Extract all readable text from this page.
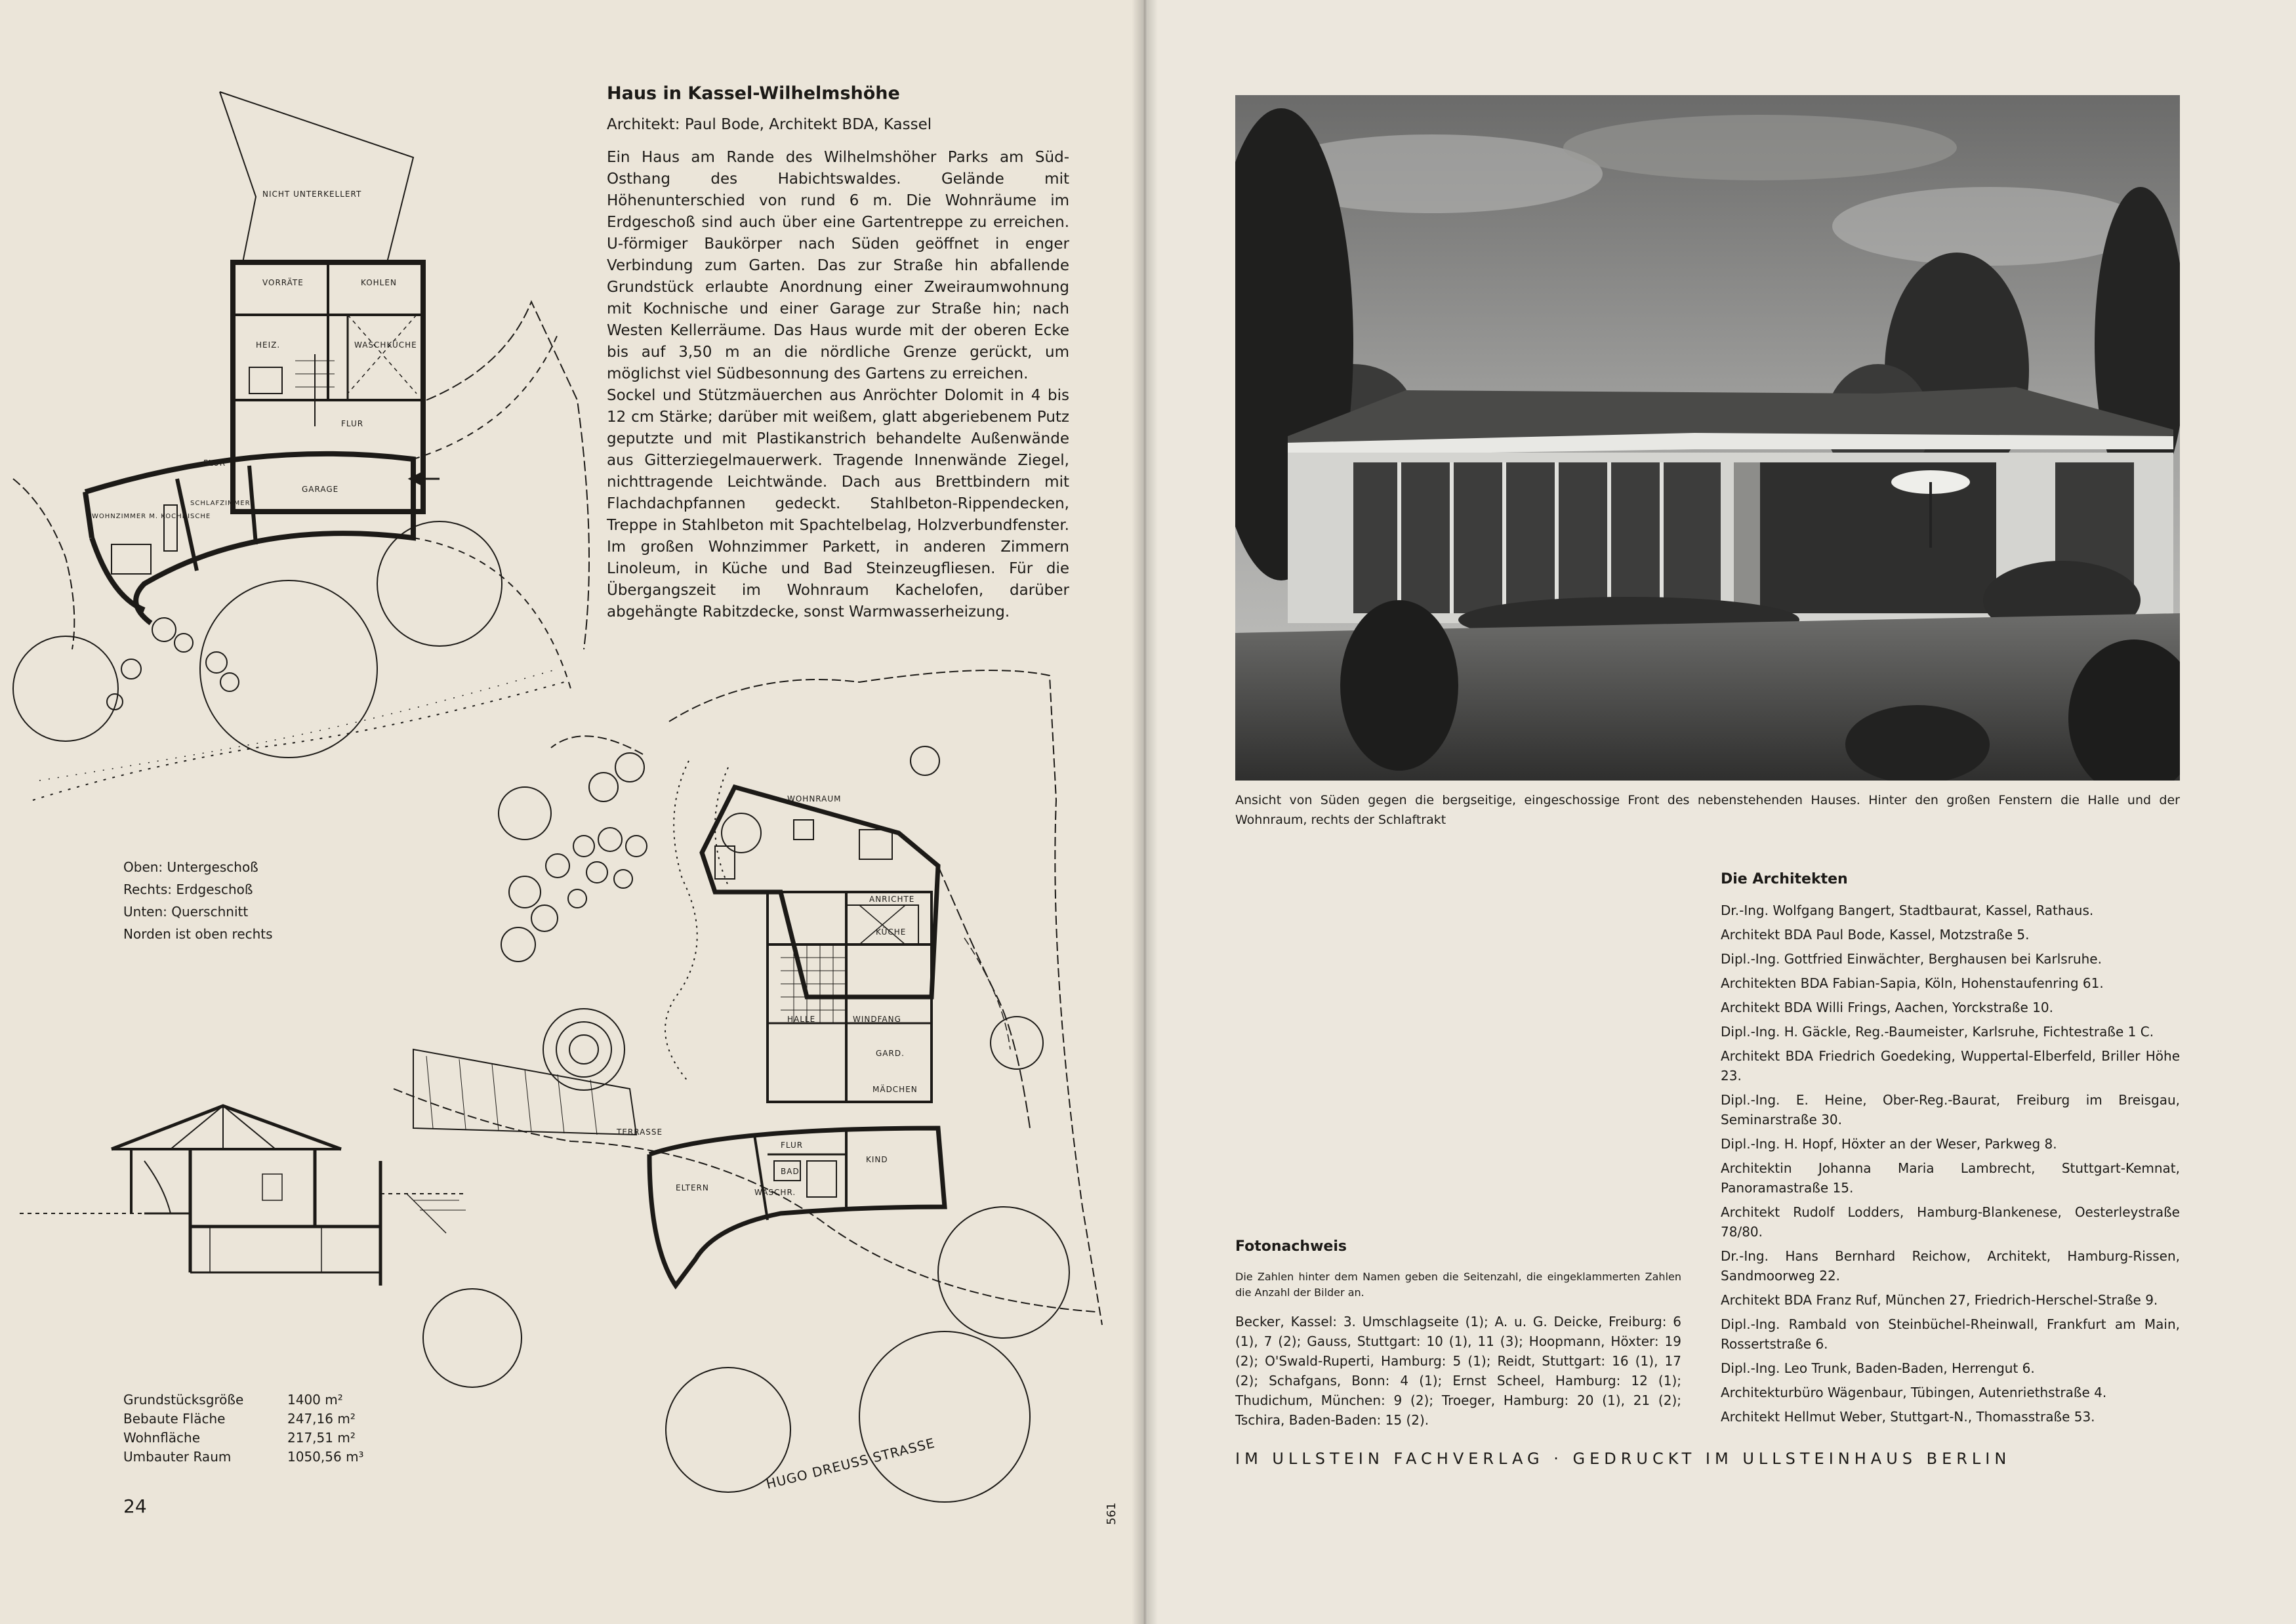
NICHT UNTERKELLERT
VORRÄTE	KOHLEN
HEIZ.	WASCHKÜCHE
FLUR
FLUR
GARAGE
WOHNZIMMER M. KOCHNISCHE
SCHLAFZIMMER
Haus in Kassel-Wilhelmshöhe
Architekt: Paul Bode, Architekt BDA, Kassel

Ein Haus am Rande des Wilhelmshöher Parks am Süd-Osthang des Habichtswaldes. Gelände mit Höhenunterschied von rund 6 m. Die Wohnräume im Erdgeschoß sind auch über eine Gartentreppe zu erreichen. U-förmiger Baukörper nach Süden geöffnet in enger Verbindung zum Garten. Das zur Straße hin abfallende Grundstück erlaubte Anordnung einer Zweiraumwohnung mit Kochnische und einer Garage zur Straße hin; nach Westen Kellerräume. Das Haus wurde mit der oberen Ecke bis auf 3,50 m an die nördliche Grenze gerückt, um möglichst viel Südbesonnung des Gartens zu erreichen.

Sockel und Stützmäuerchen aus Anröchter Dolomit in 4 bis 12 cm Stärke; darüber mit weißem, glatt abgeriebenem Putz geputzte und mit Plastikanstrich behandelte Außenwände aus Gitterziegelmauerwerk. Tragende Innenwände Ziegel, nichttragende Leichtwände. Dach aus Brettbindern mit Flachdachpfannen gedeckt. Stahlbeton-Rippendecken, Treppe in Stahlbeton mit Spachtelbelag, Holzverbundfenster. Im großen Wohnzimmer Parkett, in anderen Zimmern Linoleum, in Küche und Bad Steinzeugfliesen. Für die Übergangszeit im Wohnraum Kachelofen, darüber abgehängte Rabitzdecke, sonst Warmwasserheizung.

WOHNRAUM
ANRICHTE
KÜCHE
HALLE	WINDFANG
GARD.
MÄDCHEN
FLUR
ELTERN
KIND
BAD
WASCHR.
TERRASSE
HUGO DREUSS STRASSE
Oben: Untergeschoß
Rechts: Erdgeschoß
Unten: Querschnitt
Norden ist oben rechts
Grundstücksgröße	1400 m²
Bebaute Fläche	247,16 m²
Wohnfläche	217,51 m²
Umbauter Raum	1050,56 m³
24	561
Ansicht von Süden gegen die bergseitige, eingeschossige Front des nebenstehenden Hauses. Hinter den großen Fenstern die Halle und der Wohnraum, rechts der Schlaftrakt
Die Architekten
Dr.-Ing. Wolfgang Bangert, Stadtbaurat, Kassel, Rathaus.
Architekt BDA Paul Bode, Kassel, Motzstraße 5.
Dipl.-Ing. Gottfried Einwächter, Berghausen bei Karlsruhe.
Architekten BDA Fabian-Sapia, Köln, Hohenstaufenring 61.
Architekt BDA Willi Frings, Aachen, Yorckstraße 10.
Dipl.-Ing. H. Gäckle, Reg.-Baumeister, Karlsruhe, Fichtestraße 1 C.
Architekt BDA Friedrich Goedeking, Wuppertal-Elberfeld, Briller Höhe 23.
Dipl.-Ing. E. Heine, Ober-Reg.-Baurat, Freiburg im Breisgau, Seminarstraße 30.
Dipl.-Ing. H. Hopf, Höxter an der Weser, Parkweg 8.
Architektin Johanna Maria Lambrecht, Stuttgart-Kemnat, Panoramastraße 15.
Architekt Rudolf Lodders, Hamburg-Blankenese, Oesterleystraße 78/80.
Dr.-Ing. Hans Bernhard Reichow, Architekt, Hamburg-Rissen, Sandmoorweg 22.
Architekt BDA Franz Ruf, München 27, Friedrich-Herschel-Straße 9.
Dipl.-Ing. Rambald von Steinbüchel-Rheinwall, Frankfurt am Main, Rossertstraße 6.
Dipl.-Ing. Leo Trunk, Baden-Baden, Herrengut 6.
Architekturbüro Wägenbaur, Tübingen, Autenriethstraße 4.
Architekt Hellmut Weber, Stuttgart-N., Thomasstraße 53.
Fotonachweis
Die Zahlen hinter dem Namen geben die Seitenzahl, die eingeklammerten Zahlen die Anzahl der Bilder an.
Becker, Kassel: 3. Umschlagseite (1); A. u. G. Deicke, Freiburg: 6 (1), 7 (2); Gauss, Stuttgart: 10 (1), 11 (3); Hoopmann, Höxter: 19 (2); O'Swald-Ruperti, Hamburg: 5 (1); Reidt, Stuttgart: 16 (1), 17 (2); Schafgans, Bonn: 4 (1); Ernst Scheel, Hamburg: 12 (1); Thudichum, München: 9 (2); Troeger, Hamburg: 20 (1), 21 (2); Tschira, Baden-Baden: 15 (2).
IM ULLSTEIN FACHVERLAG · GEDRUCKT IM ULLSTEINHAUS BERLIN
